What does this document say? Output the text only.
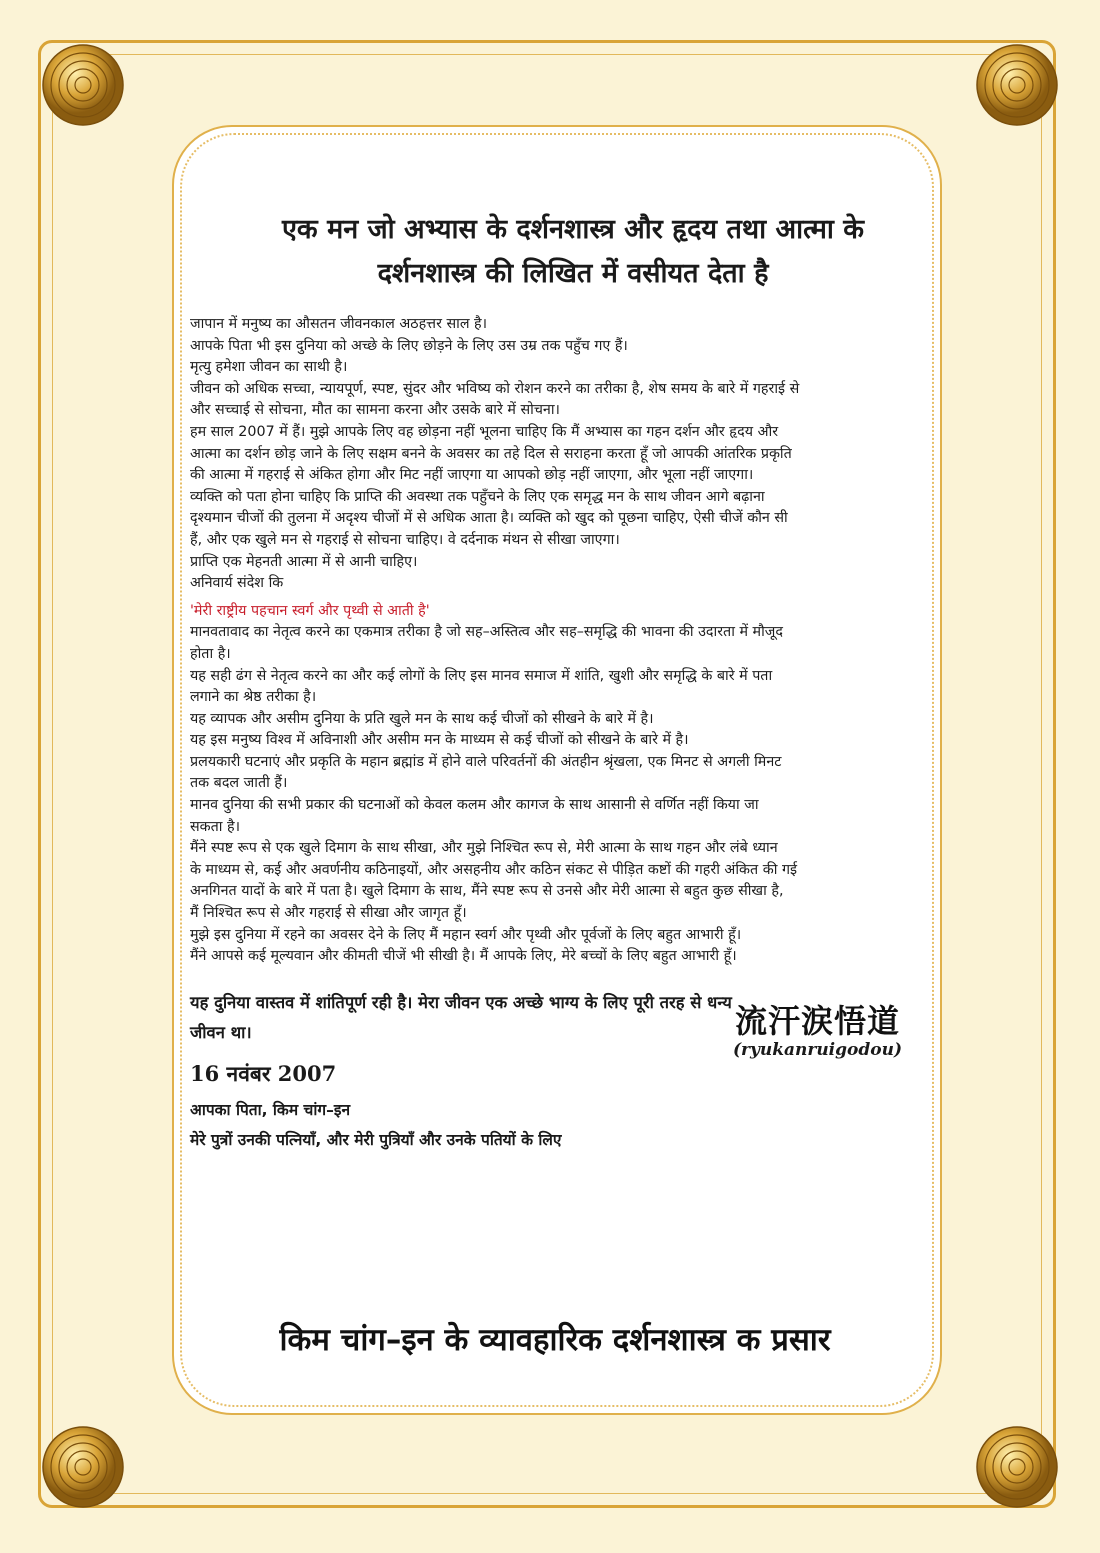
एक मन जो अभ्यास के दर्शनशास्त्र और हृदय तथा आत्मा के
दर्शनशास्त्र की लिखित में वसीयत देता है

जापान में मनुष्य का औसतन जीवनकाल अठहत्तर साल है।

आपके पिता भी इस दुनिया को अच्छे के लिए छोड़ने के लिए उस उम्र तक पहुँच गए हैं।

मृत्यु हमेशा जीवन का साथी है।

जीवन को अधिक सच्चा, न्यायपूर्ण, स्पष्ट, सुंदर और भविष्य को रोशन करने का तरीका है, शेष समय के बारे में गहराई से

और सच्चाई से सोचना, मौत का सामना करना और उसके बारे में सोचना।

हम साल 2007 में हैं। मुझे आपके लिए वह छोड़ना नहीं भूलना चाहिए कि मैं अभ्यास का गहन दर्शन और हृदय और

आत्मा का दर्शन छोड़ जाने के लिए सक्षम बनने के अवसर का तहे दिल से सराहना करता हूँ जो आपकी आंतरिक प्रकृति

की आत्मा में गहराई से अंकित होगा और मिट नहीं जाएगा या आपको छोड़ नहीं जाएगा, और भूला नहीं जाएगा।

व्यक्ति को पता होना चाहिए कि प्राप्ति की अवस्था तक पहुँचने के लिए एक समृद्ध मन के साथ जीवन आगे बढ़ाना

दृश्यमान चीजों की तुलना में अदृश्य चीजों में से अधिक आता है। व्यक्ति को खुद को पूछना चाहिए, ऐसी चीजें कौन सी

हैं, और एक खुले मन से गहराई से सोचना चाहिए। वे दर्दनाक मंथन से सीखा जाएगा।

प्राप्ति एक मेहनती आत्मा में से आनी चाहिए।

अनिवार्य संदेश कि

'मेरी राष्ट्रीय पहचान स्वर्ग और पृथ्वी से आती है'

मानवतावाद का नेतृत्व करने का एकमात्र तरीका है जो सह–अस्तित्व और सह–समृद्धि की भावना की उदारता में मौजूद

होता है।

यह सही ढंग से नेतृत्व करने का और कई लोगों के लिए इस मानव समाज में शांति, खुशी और समृद्धि के बारे में पता

लगाने का श्रेष्ठ तरीका है।

यह व्यापक और असीम दुनिया के प्रति खुले मन के साथ कई चीजों को सीखने के बारे में है।

यह इस मनुष्य विश्व में अविनाशी और असीम मन के माध्यम से कई चीजों को सीखने के बारे में है।

प्रलयकारी घटनाएं और प्रकृति के महान ब्रह्मांड में होने वाले परिवर्तनों की अंतहीन श्रृंखला, एक मिनट से अगली मिनट

तक बदल जाती हैं।

मानव दुनिया की सभी प्रकार की घटनाओं को केवल कलम और कागज के साथ आसानी से वर्णित नहीं किया जा

सकता है।

मैंने स्पष्ट रूप से एक खुले दिमाग के साथ सीखा, और मुझे निश्चित रूप से, मेरी आत्मा के साथ गहन और लंबे ध्यान

के माध्यम से, कई और अवर्णनीय कठिनाइयों, और असहनीय और कठिन संकट से पीड़ित कष्टों की गहरी अंकित की गई

अनगिनत यादों के बारे में पता है। खुले दिमाग के साथ, मैंने स्पष्ट रूप से उनसे और मेरी आत्मा से बहुत कुछ सीखा है,

मैं निश्चित रूप से और गहराई से सीखा और जागृत हूँ।

मुझे इस दुनिया में रहने का अवसर देने के लिए मैं महान स्वर्ग और पृथ्वी और पूर्वजों के लिए बहुत आभारी हूँ।

मैंने आपसे कई मूल्यवान और कीमती चीजें भी सीखी है। मैं आपके लिए, मेरे बच्चों के लिए बहुत आभारी हूँ।

यह दुनिया वास्तव में शांतिपूर्ण रही है। मेरा जीवन एक अच्छे भाग्य के लिए पूरी तरह से धन्य जीवन था।
16 नवंबर 2007
आपका पिता, किम चांग–इन
मेरे पुत्रों उनकी पत्नियाँ, और मेरी पुत्रियाँ और उनके पतियों के लिए
流汗涙悟道
(ryukanruigodou)
किम चांग–इन के व्यावहारिक दर्शनशास्त्र क प्रसार
